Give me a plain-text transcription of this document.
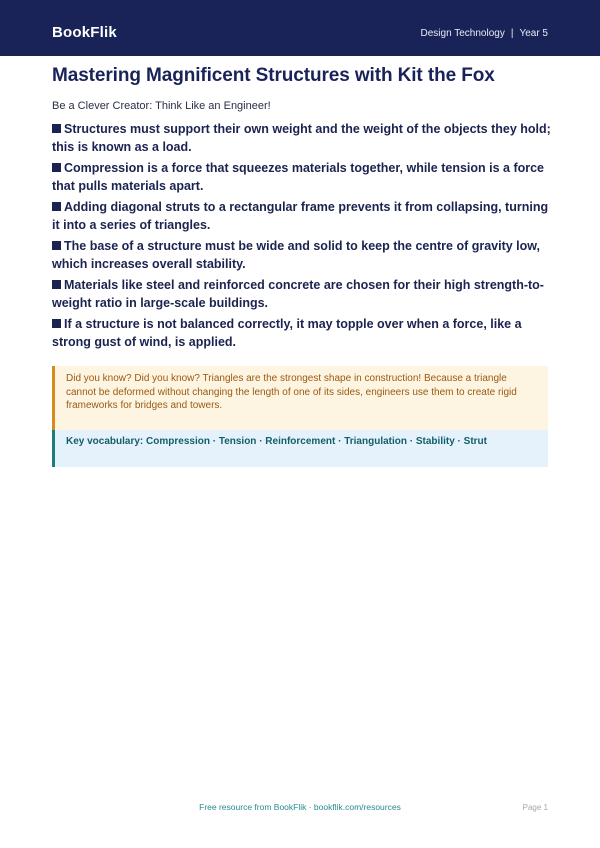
BookFlik	Design Technology | Year 5
Mastering Magnificent Structures with Kit the Fox
Be a Clever Creator: Think Like an Engineer!
Structures must support their own weight and the weight of the objects they hold; this is known as a load.
Compression is a force that squeezes materials together, while tension is a force that pulls materials apart.
Adding diagonal struts to a rectangular frame prevents it from collapsing, turning it into a series of triangles.
The base of a structure must be wide and solid to keep the centre of gravity low, which increases overall stability.
Materials like steel and reinforced concrete are chosen for their high strength-to-weight ratio in large-scale buildings.
If a structure is not balanced correctly, it may topple over when a force, like a strong gust of wind, is applied.

Did you know? Did you know? Triangles are the strongest shape in construction! Because a triangle cannot be deformed without changing the length of one of its sides, engineers use them to create rigid frameworks for bridges and towers.

Key vocabulary: Compression · Tension · Reinforcement · Triangulation · Stability · Strut

Free resource from BookFlik · bookflik.com/resources	Page 1
